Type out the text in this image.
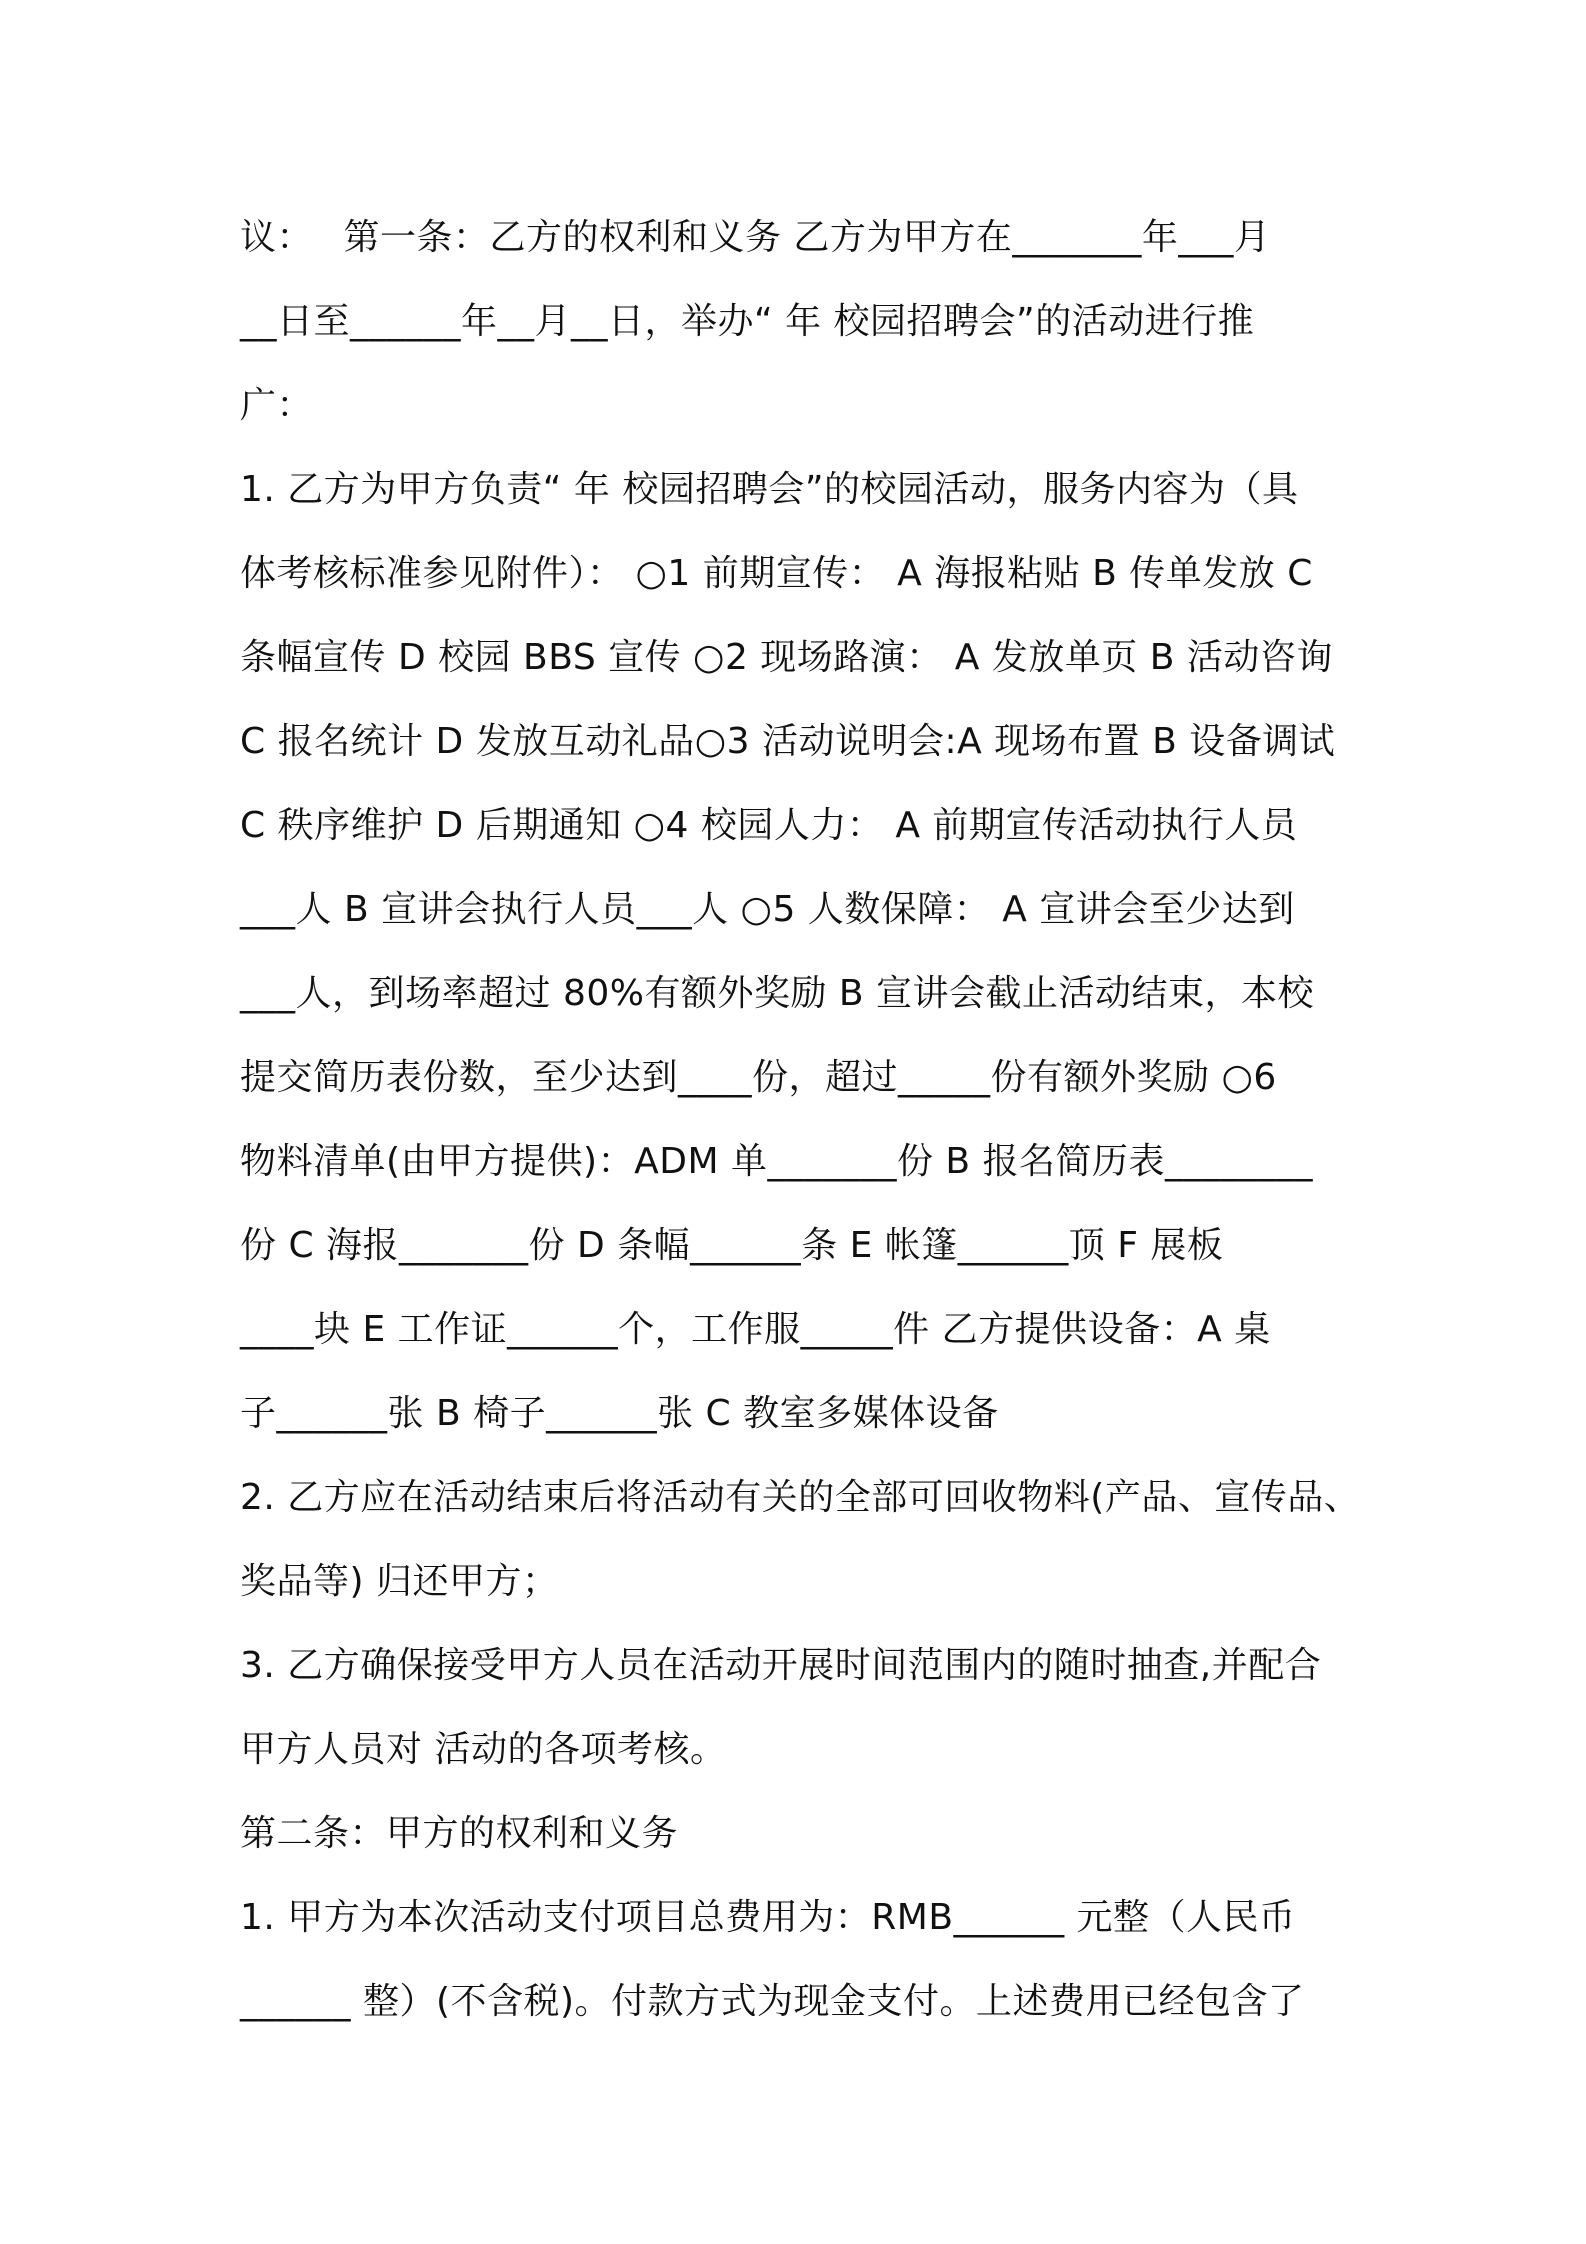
议：　 第一条：乙方的权利和义务 乙方为甲方在_______年___月
__日至______年__月__日，举办“ 年 校园招聘会”的活动进行推
广：
1. 乙方为甲方负责“ 年 校园招聘会”的校园活动，服务内容为（具
体考核标准参见附件）： ○1 前期宣传： A 海报粘贴 B 传单发放 C
条幅宣传 D 校园 BBS 宣传 ○2 现场路演： A 发放单页 B 活动咨询
C 报名统计 D 发放互动礼品○3 活动说明会:A 现场布置 B 设备调试
C 秩序维护 D 后期通知 ○4 校园人力： A 前期宣传活动执行人员
___人 B 宣讲会执行人员___人 ○5 人数保障： A 宣讲会至少达到
___人，到场率超过 80%有额外奖励 B 宣讲会截止活动结束，本校
提交简历表份数，至少达到____份，超过_____份有额外奖励 ○6
物料清单(由甲方提供)：ADM 单_______份 B 报名简历表________
份 C 海报_______份 D 条幅______条 E 帐篷______顶 F 展板
____块 E 工作证______个，工作服_____件 乙方提供设备：A 桌
子______张 B 椅子______张 C 教室多媒体设备
2. 乙方应在活动结束后将活动有关的全部可回收物料(产品、宣传品、
奖品等) 归还甲方；
3. 乙方确保接受甲方人员在活动开展时间范围内的随时抽查,并配合
甲方人员对 活动的各项考核。
第二条：甲方的权利和义务
1. 甲方为本次活动支付项目总费用为：RMB______ 元整（人民币
______ 整）(不含税)。付款方式为现金支付。上述费用已经包含了
